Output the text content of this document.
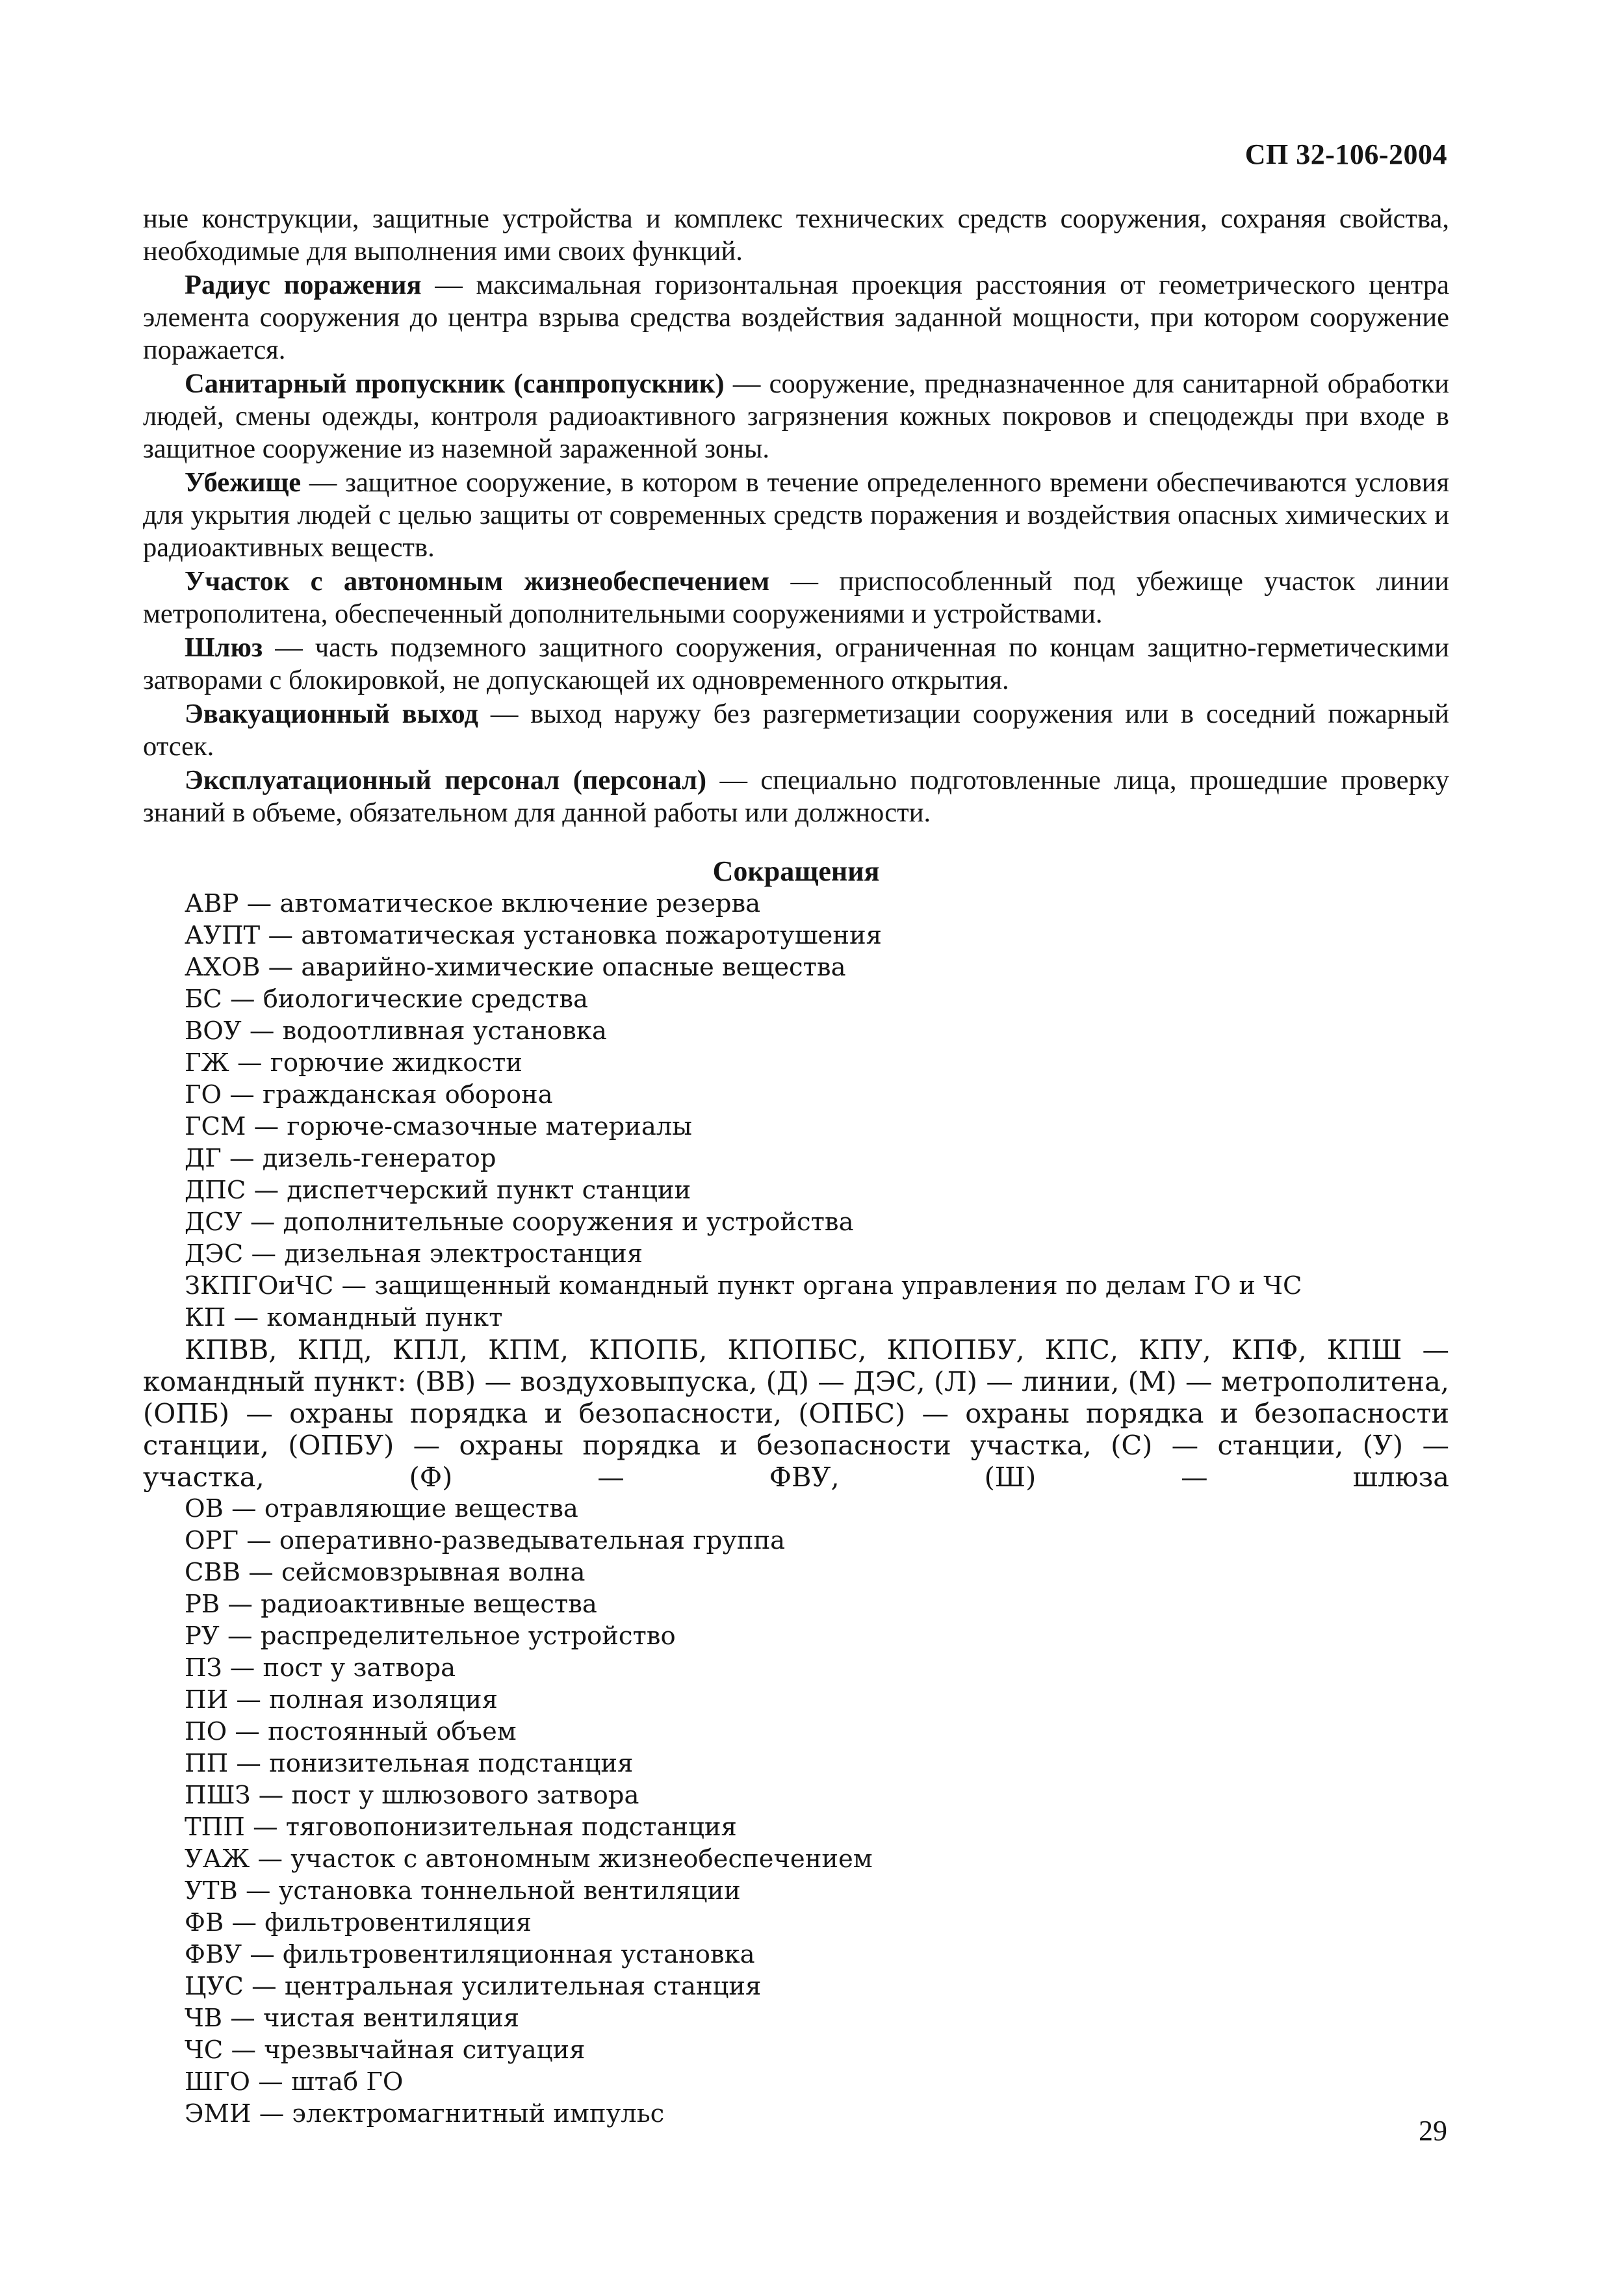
СП 32-106-2004

ные конструкции, защитные устройства и комплекс технических средств сооружения, сохраняя свойства, необходимые для выполнения ими своих функций.

Радиус поражения — максимальная горизонтальная проекция расстояния от геометрического центра элемента сооружения до центра взрыва средства воздействия заданной мощности, при котором сооружение поражается.

Санитарный пропускник (санпропускник) — сооружение, предназначенное для санитарной обработки людей, смены одежды, контроля радиоактивного загрязнения кожных покровов и спецодежды при входе в защитное сооружение из наземной зараженной зоны.

Убежище — защитное сооружение, в котором в течение определенного времени обеспечиваются условия для укрытия людей с целью защиты от современных средств поражения и воздействия опасных химических и радиоактивных веществ.

Участок с автономным жизнеобеспечением — приспособленный под убежище участок линии метрополитена, обеспеченный дополнительными сооружениями и устройствами.

Шлюз — часть подземного защитного сооружения, ограниченная по концам защитно-герметическими затворами с блокировкой, не допускающей их одновременного открытия.

Эвакуационный выход — выход наружу без разгерметизации сооружения или в соседний пожарный отсек.

Эксплуатационный персонал (персонал) — специально подготовленные лица, прошедшие проверку знаний в объеме, обязательном для данной работы или должности.

Сокращения
АВР — автоматическое включение резерва
АУПТ — автоматическая установка пожаротушения
АХОВ — аварийно-химические опасные вещества
БС — биологические средства
ВОУ — водоотливная установка
ГЖ — горючие жидкости
ГО — гражданская оборона
ГСМ — горюче-смазочные материалы
ДГ — дизель-генератор
ДПС — диспетчерский пункт станции
ДСУ — дополнительные сооружения и устройства
ДЭС — дизельная электростанция
ЗКПГОиЧС — защищенный командный пункт органа управления по делам ГО и ЧС
КП — командный пункт
КПВВ, КПД, КПЛ, КПМ, КПОПБ, КПОПБС, КПОПБУ, КПС, КПУ, КПФ, КПШ — командный пункт: (ВВ) — воздуховыпуска, (Д) — ДЭС, (Л) — линии, (М) — метрополитена, (ОПБ) — охраны порядка и безопасности, (ОПБС) — охраны порядка и безопасности станции, (ОПБУ) — охраны порядка и безопасности участка, (С) — станции, (У) — участка, (Ф) — ФВУ, (Ш) — шлюза
ОВ — отравляющие вещества
ОРГ — оперативно-разведывательная группа
СВВ — сейсмовзрывная волна
РВ — радиоактивные вещества
РУ — распределительное устройство
ПЗ — пост у затвора
ПИ — полная изоляция
ПО — постоянный объем
ПП — понизительная подстанция
ПШЗ — пост у шлюзового затвора
ТПП — тяговопонизительная подстанция
УАЖ — участок с автономным жизнеобеспечением
УТВ — установка тоннельной вентиляции
ФВ — фильтровентиляция
ФВУ — фильтровентиляционная установка
ЦУС — центральная усилительная станция
ЧВ — чистая вентиляция
ЧС — чрезвычайная ситуация
ШГО — штаб ГО
ЭМИ — электромагнитный импульс
29
